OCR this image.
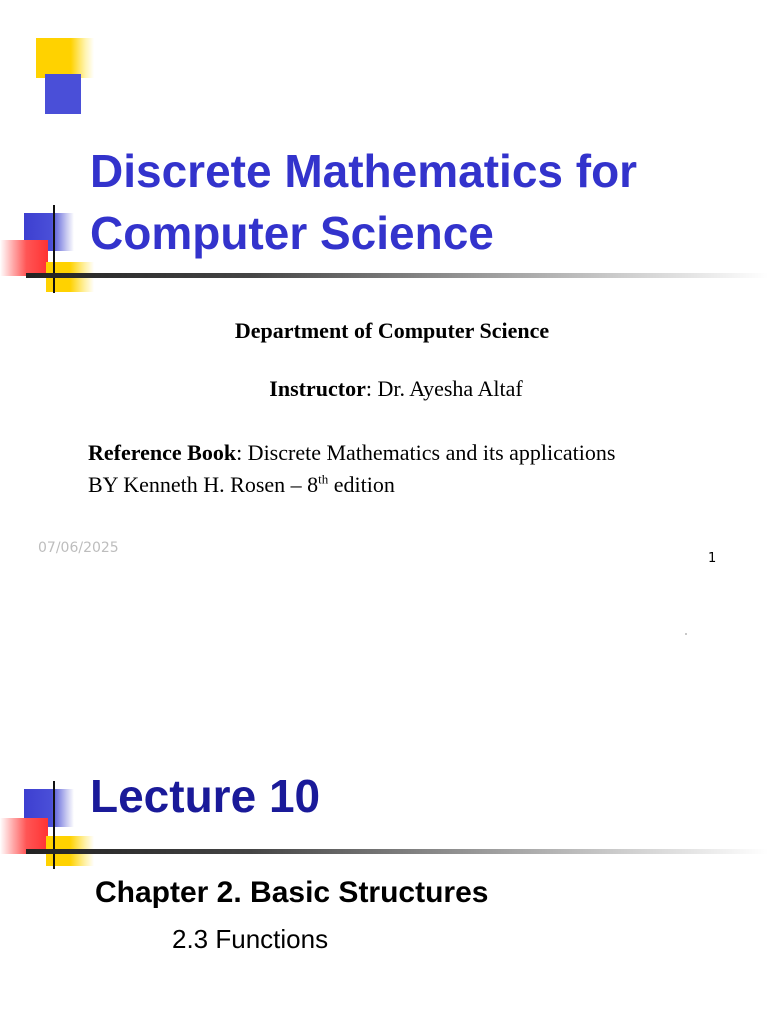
Discrete Mathematics for Computer Science
Department of Computer Science
Instructor: Dr. Ayesha Altaf
Reference Book: Discrete Mathematics and its applications
BY Kenneth H. Rosen – 8th edition
07/06/2025
1
Lecture 10
Chapter 2. Basic Structures
2.3 Functions
